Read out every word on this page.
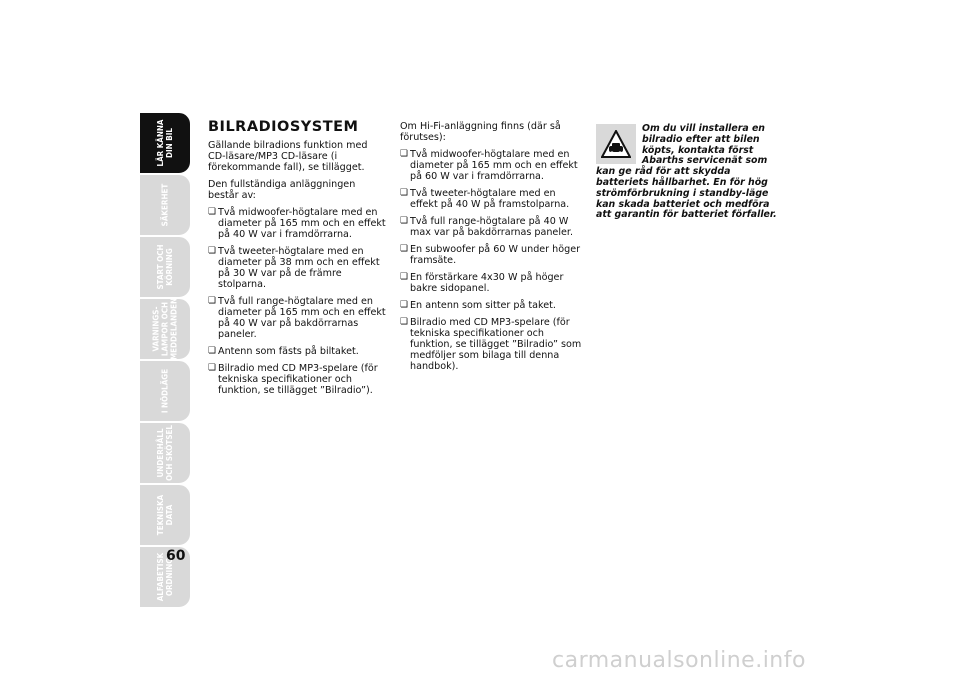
LÄR KÄNNA
DIN BIL
SÄKERHET
START OCH
KÖRNING
VARNINGS-
LAMPOR OCH
MEDDELANDEN
I NÖDLÄGE
UNDERHÅLL
OCH SKÖTSEL
TEKNISKA
DATA
ALFABETISK
ORDNING
60
BILRADIOSYSTEM

Gällande bilradions funktion med CD-läsare/MP3 CD-läsare (i förekommande fall), se tillägget.

Den fullständiga anläggningen består av:

❏ Två midwoofer-högtalare med en diameter på 165 mm och en effekt på 40 W var i framdörrarna.
❏ Två tweeter-högtalare med en diameter på 38 mm och en effekt på 30 W var på de främre stolparna.
❏ Två full range-högtalare med en diameter på 165 mm och en effekt på 40 W var på bakdörrarnas paneler.
❏ Antenn som fästs på biltaket.
❏ Bilradio med CD MP3-spelare (för tekniska specifikationer och funktion, se tillägget ”Bilradio”).

Om Hi-Fi-anläggning finns (där så förutses):

❏ Två midwoofer-högtalare med en diameter på 165 mm och en effekt på 60 W var i framdörrarna.
❏ Två tweeter-högtalare med en effekt på 40 W på framstolparna.
❏ Två full range-högtalare på 40 W max var på bakdörrarnas paneler.
❏ En subwoofer på 60 W under höger framsäte.
❏ En förstärkare 4x30 W på höger bakre sidopanel.
❏ En antenn som sitter på taket.
❏ Bilradio med CD MP3-spelare (för tekniska specifikationer och funktion, se tillägget ”Bilradio” som medföljer som bilaga till denna handbok).
Om du vill installera en bilradio efter att bilen köpts, kontakta först Abarths servicenät som kan ge råd för att skydda batteriets hållbarhet. En för hög strömförbrukning i standby-läge kan skada batteriet och medföra att garantin för batteriet förfaller.
carmanualsonline.info
